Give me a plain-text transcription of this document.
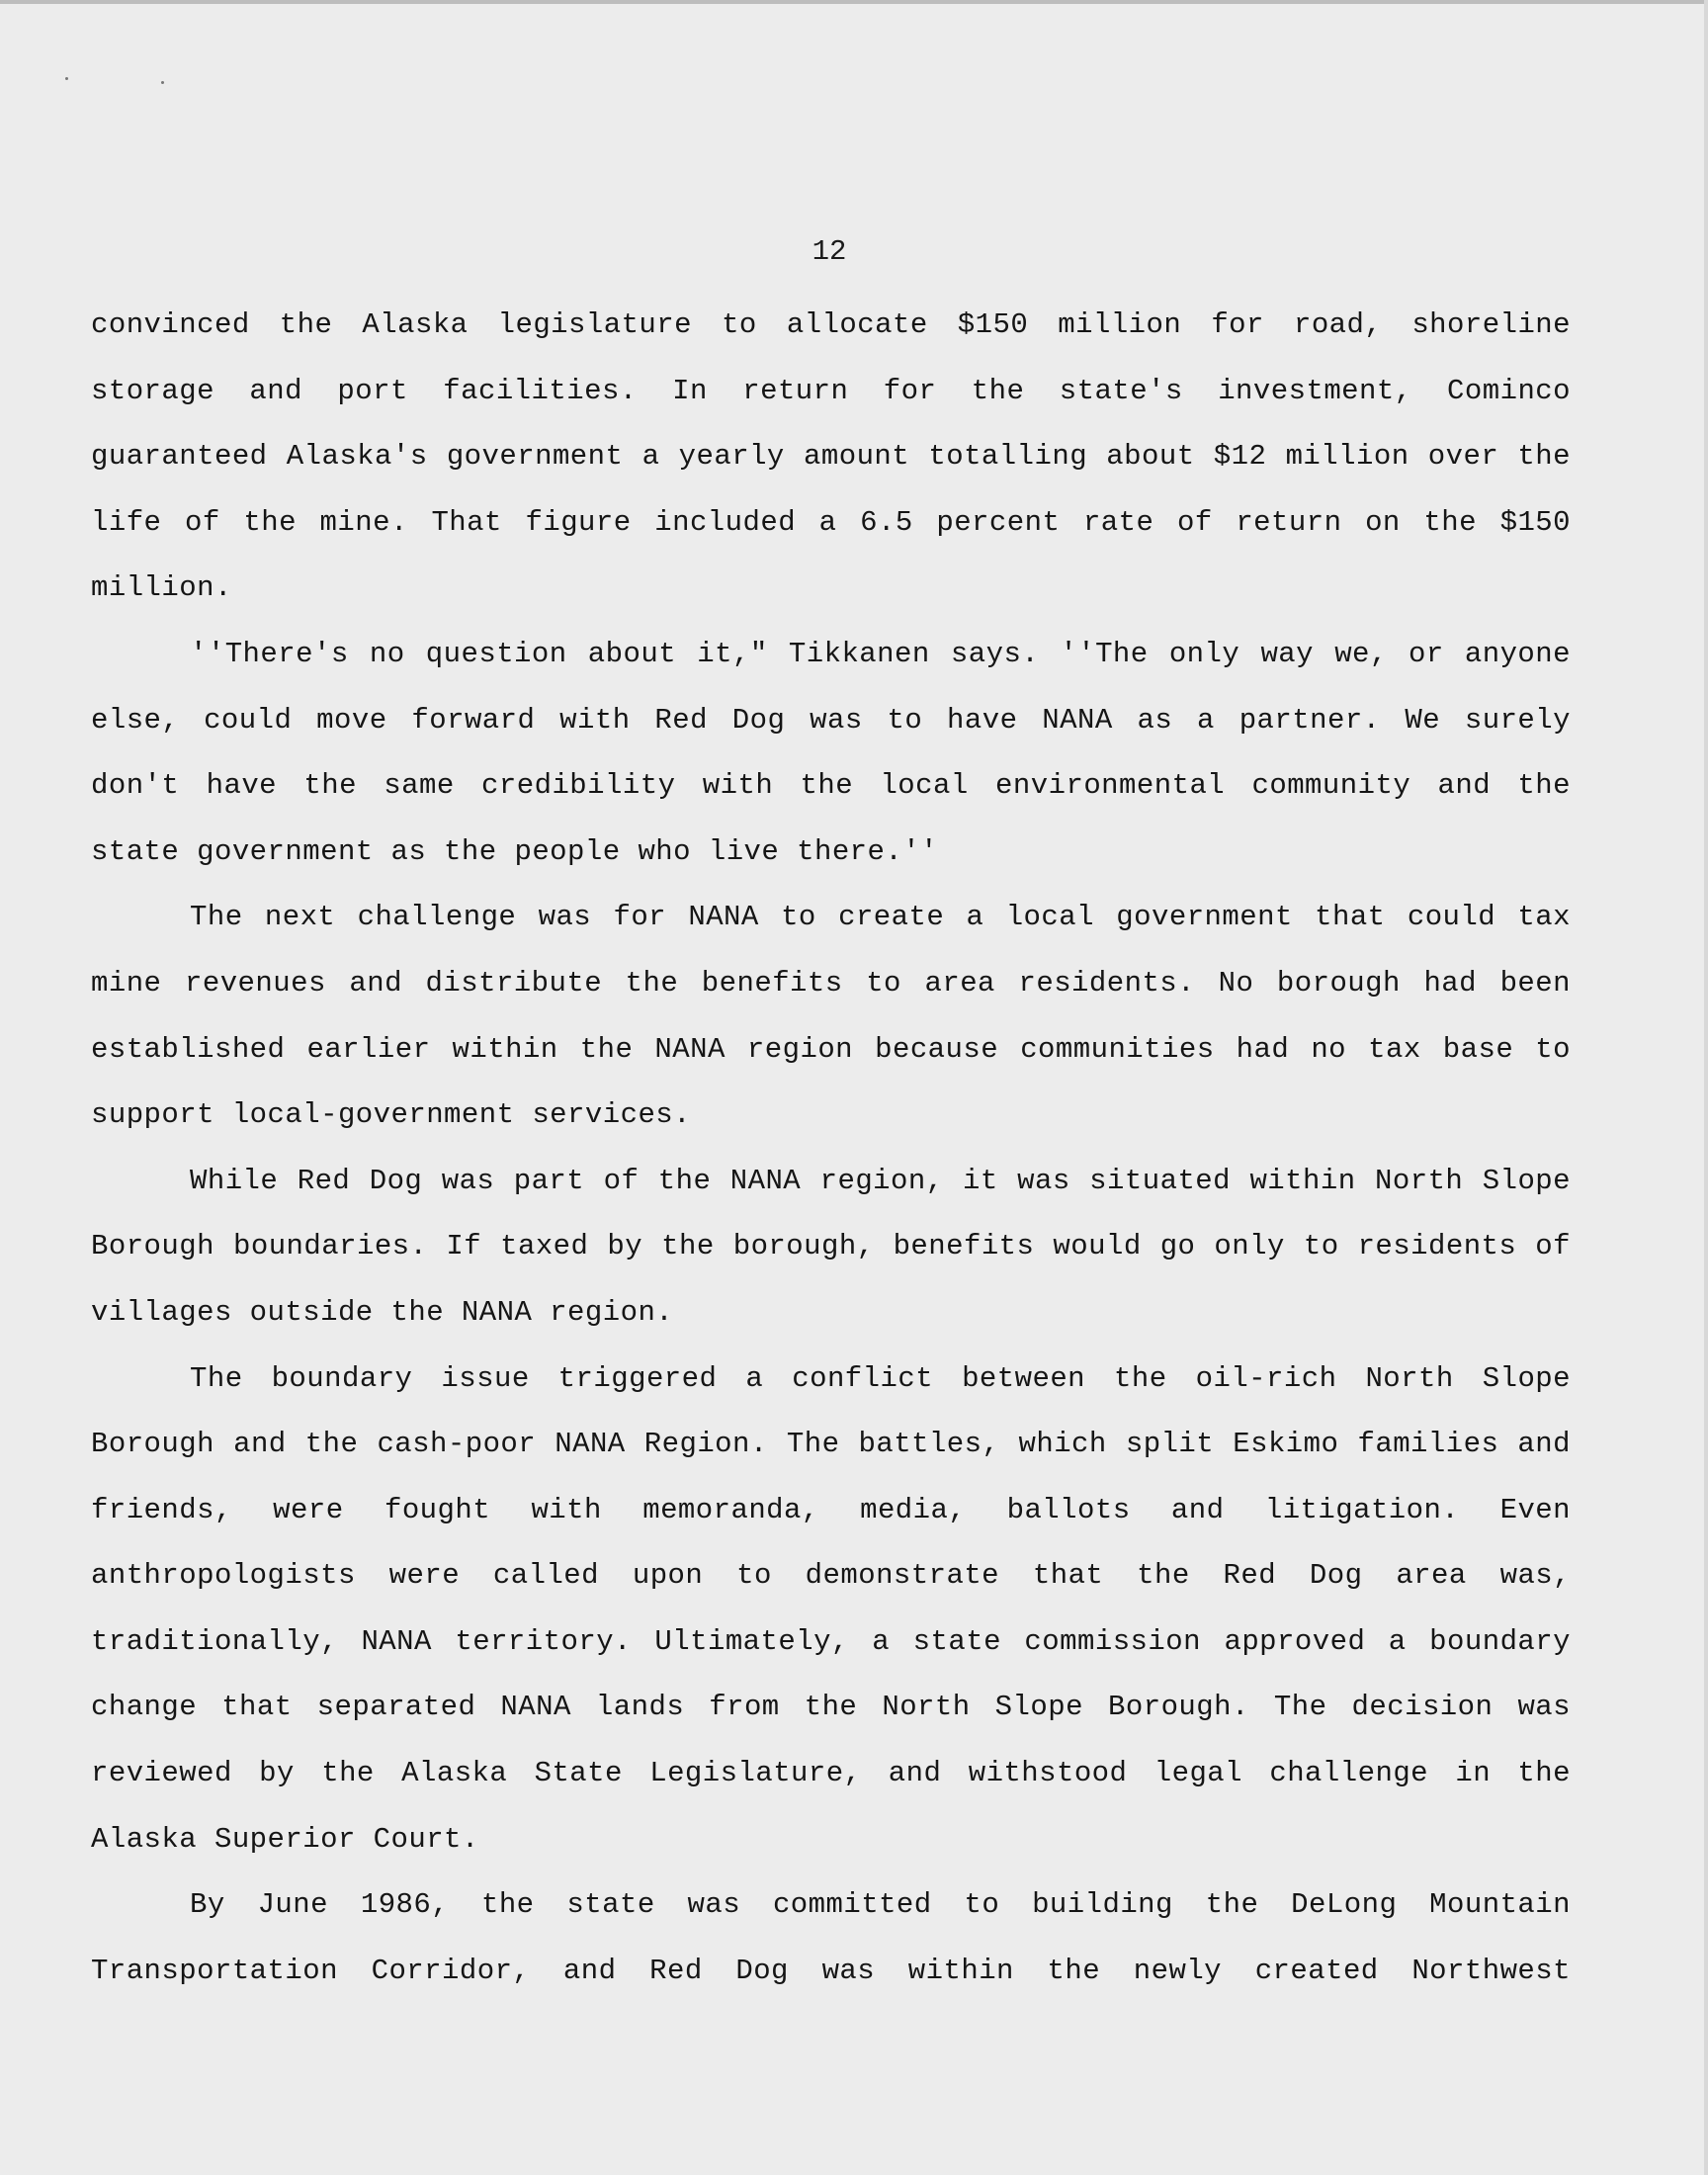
12

convinced the Alaska legislature to allocate $150 million for road, shoreline storage and port facilities. In return for the state's investment, Cominco guaranteed Alaska's government a yearly amount totalling about $12 million over the life of the mine. That figure included a 6.5 percent rate of return on the $150 million.

''There's no question about it," Tikkanen says. ''The only way we, or anyone else, could move forward with Red Dog was to have NANA as a partner. We surely don't have the same credibility with the local environmental community and the state government as the people who live there.''

The next challenge was for NANA to create a local government that could tax mine revenues and distribute the benefits to area residents. No borough had been established earlier within the NANA region because communities had no tax base to support local-government services.

While Red Dog was part of the NANA region, it was situated within North Slope Borough boundaries. If taxed by the borough, benefits would go only to residents of villages outside the NANA region.

The boundary issue triggered a conflict between the oil-rich North Slope Borough and the cash-poor NANA Region. The battles, which split Eskimo families and friends, were fought with memoranda, media, ballots and litigation. Even anthropologists were called upon to demonstrate that the Red Dog area was, traditionally, NANA territory. Ultimately, a state commission approved a boundary change that separated NANA lands from the North Slope Borough. The decision was reviewed by the Alaska State Legislature, and withstood legal challenge in the Alaska Superior Court.

By June 1986, the state was committed to building the DeLong Mountain Transportation Corridor, and Red Dog was within the newly created Northwest
